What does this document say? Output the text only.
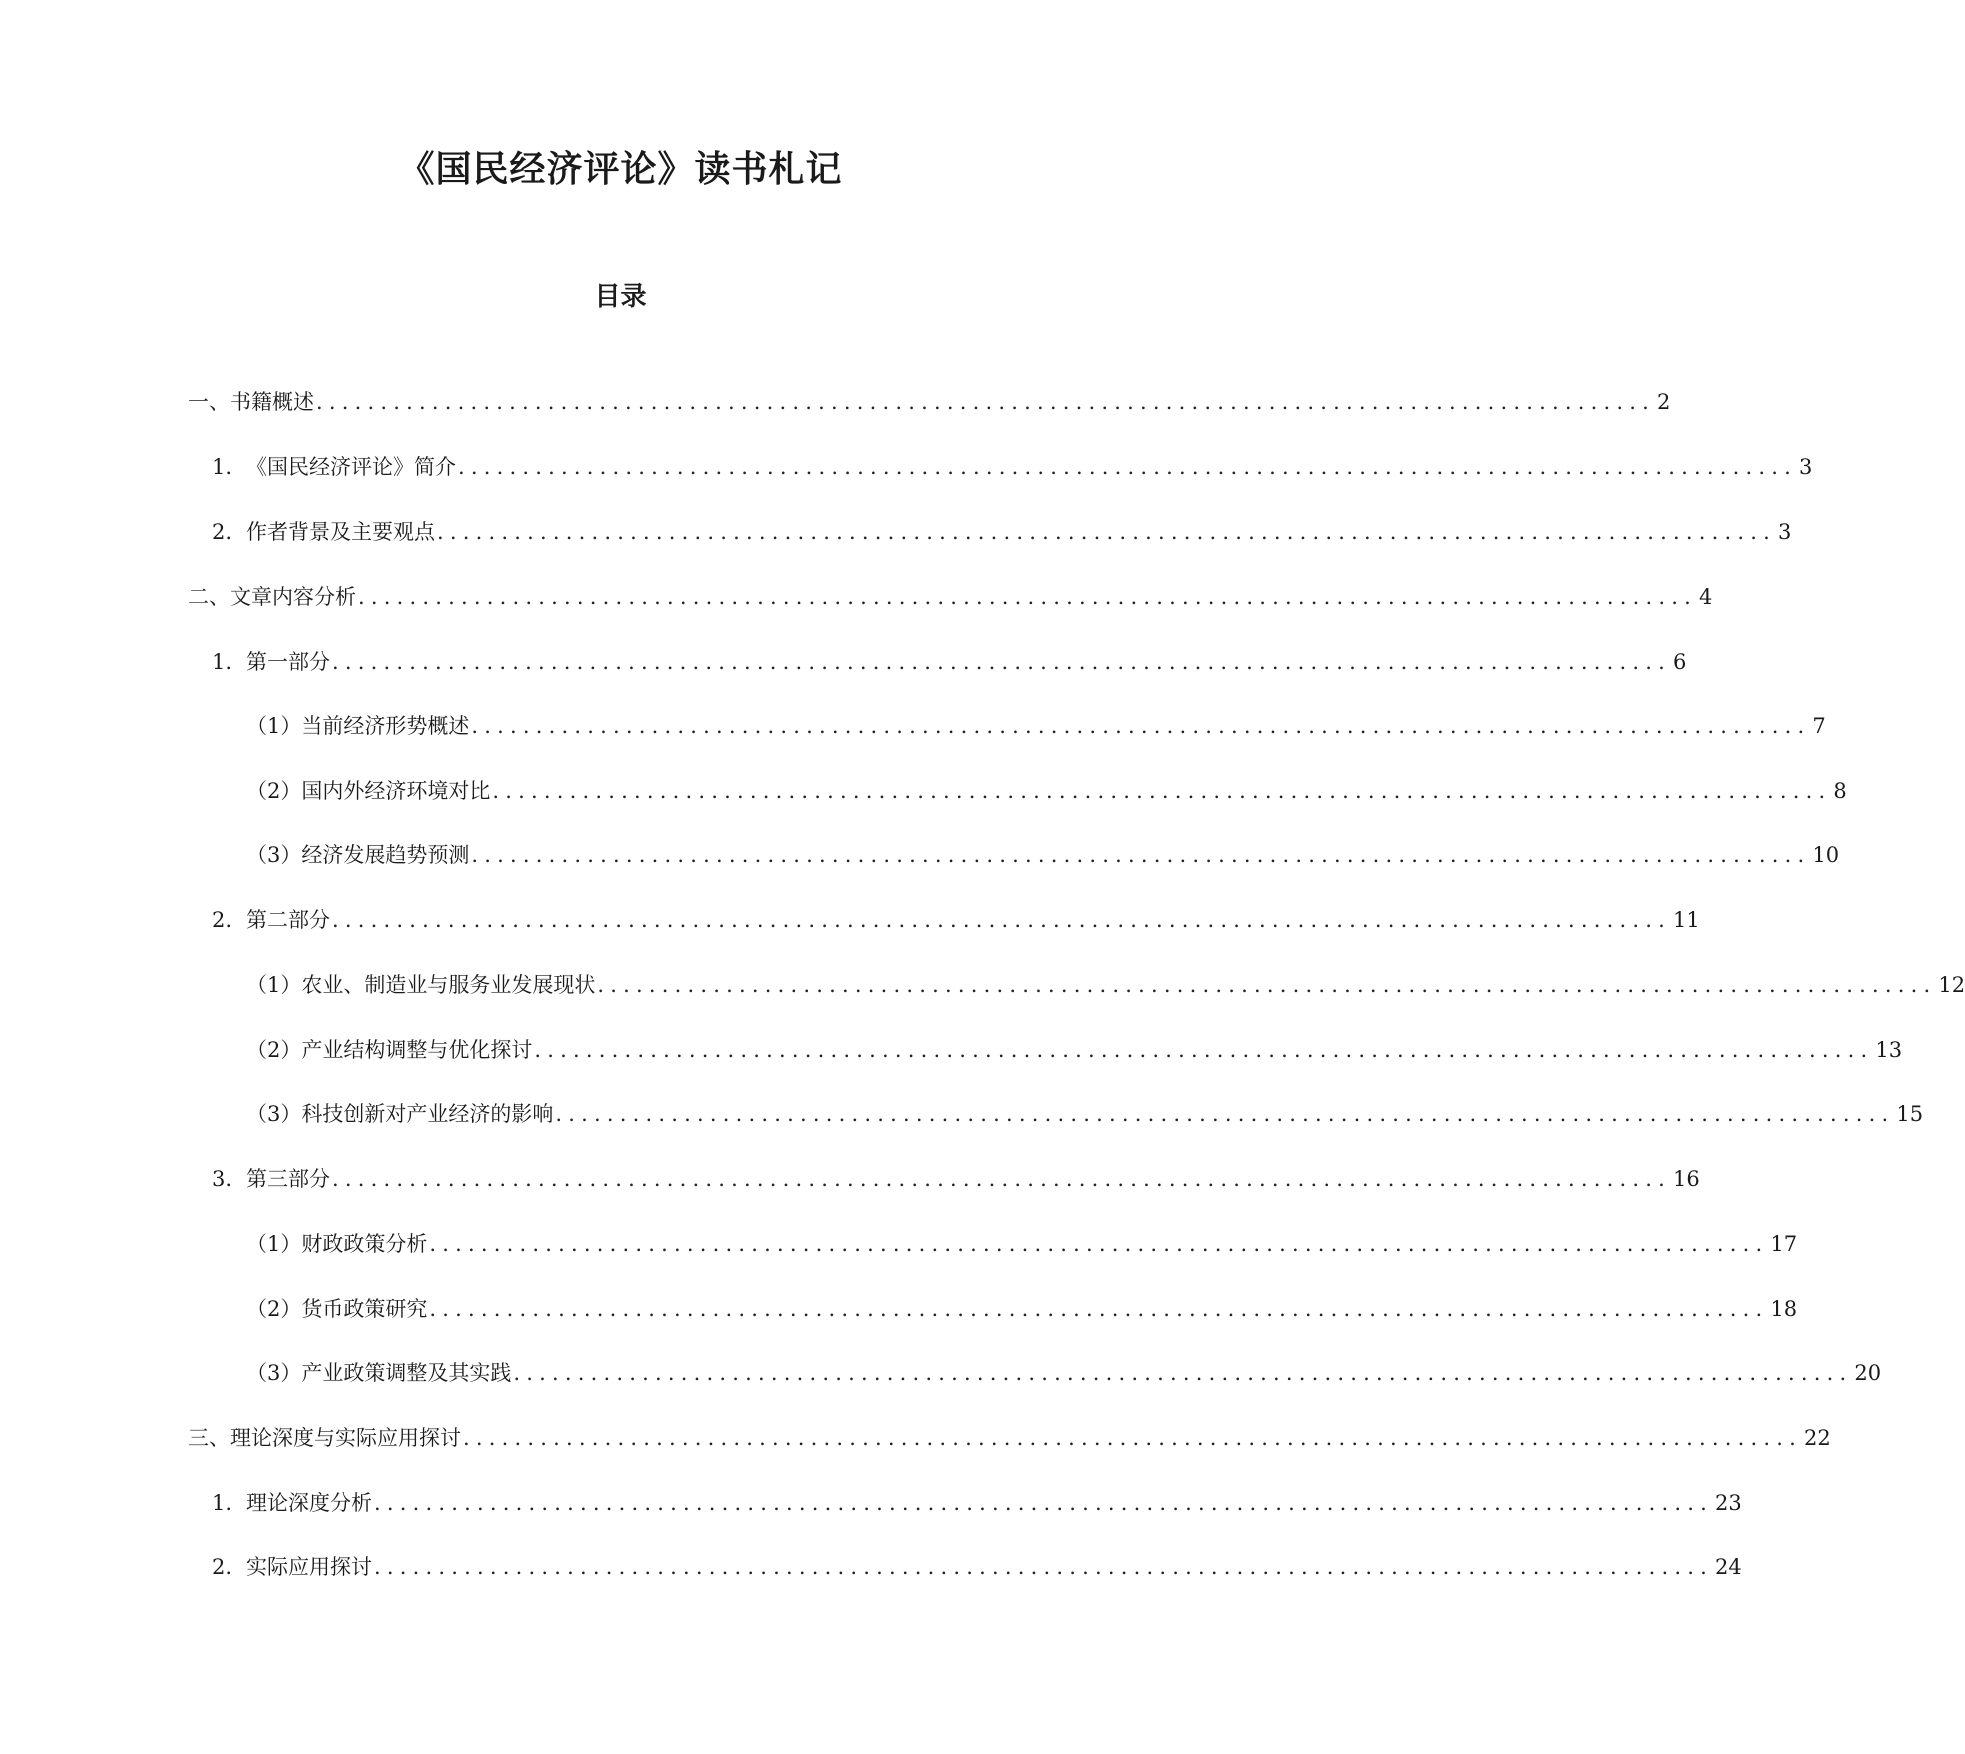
《国民经济评论》读书札记
目录
一、书籍概述 ........................................................................................................ 2
1. 《国民经济评论》简介 ........................................................................................................ 3
2. 作者背景及主要观点 ........................................................................................................ 3
二、文章内容分析 ........................................................................................................ 4
1. 第一部分 ........................................................................................................ 6
（1）当前经济形势概述 ........................................................................................................ 7
（2）国内外经济环境对比 ........................................................................................................ 8
（3）经济发展趋势预测 ........................................................................................................ 10
2. 第二部分 ........................................................................................................ 11
（1）农业、制造业与服务业发展现状 ........................................................................................................ 12
（2）产业结构调整与优化探讨 ........................................................................................................ 13
（3）科技创新对产业经济的影响 ........................................................................................................ 15
3. 第三部分 ........................................................................................................ 16
（1）财政政策分析 ........................................................................................................ 17
（2）货币政策研究 ........................................................................................................ 18
（3）产业政策调整及其实践 ........................................................................................................ 20
三、理论深度与实际应用探讨 ........................................................................................................ 22
1. 理论深度分析 ........................................................................................................ 23
2. 实际应用探讨 ........................................................................................................ 24
